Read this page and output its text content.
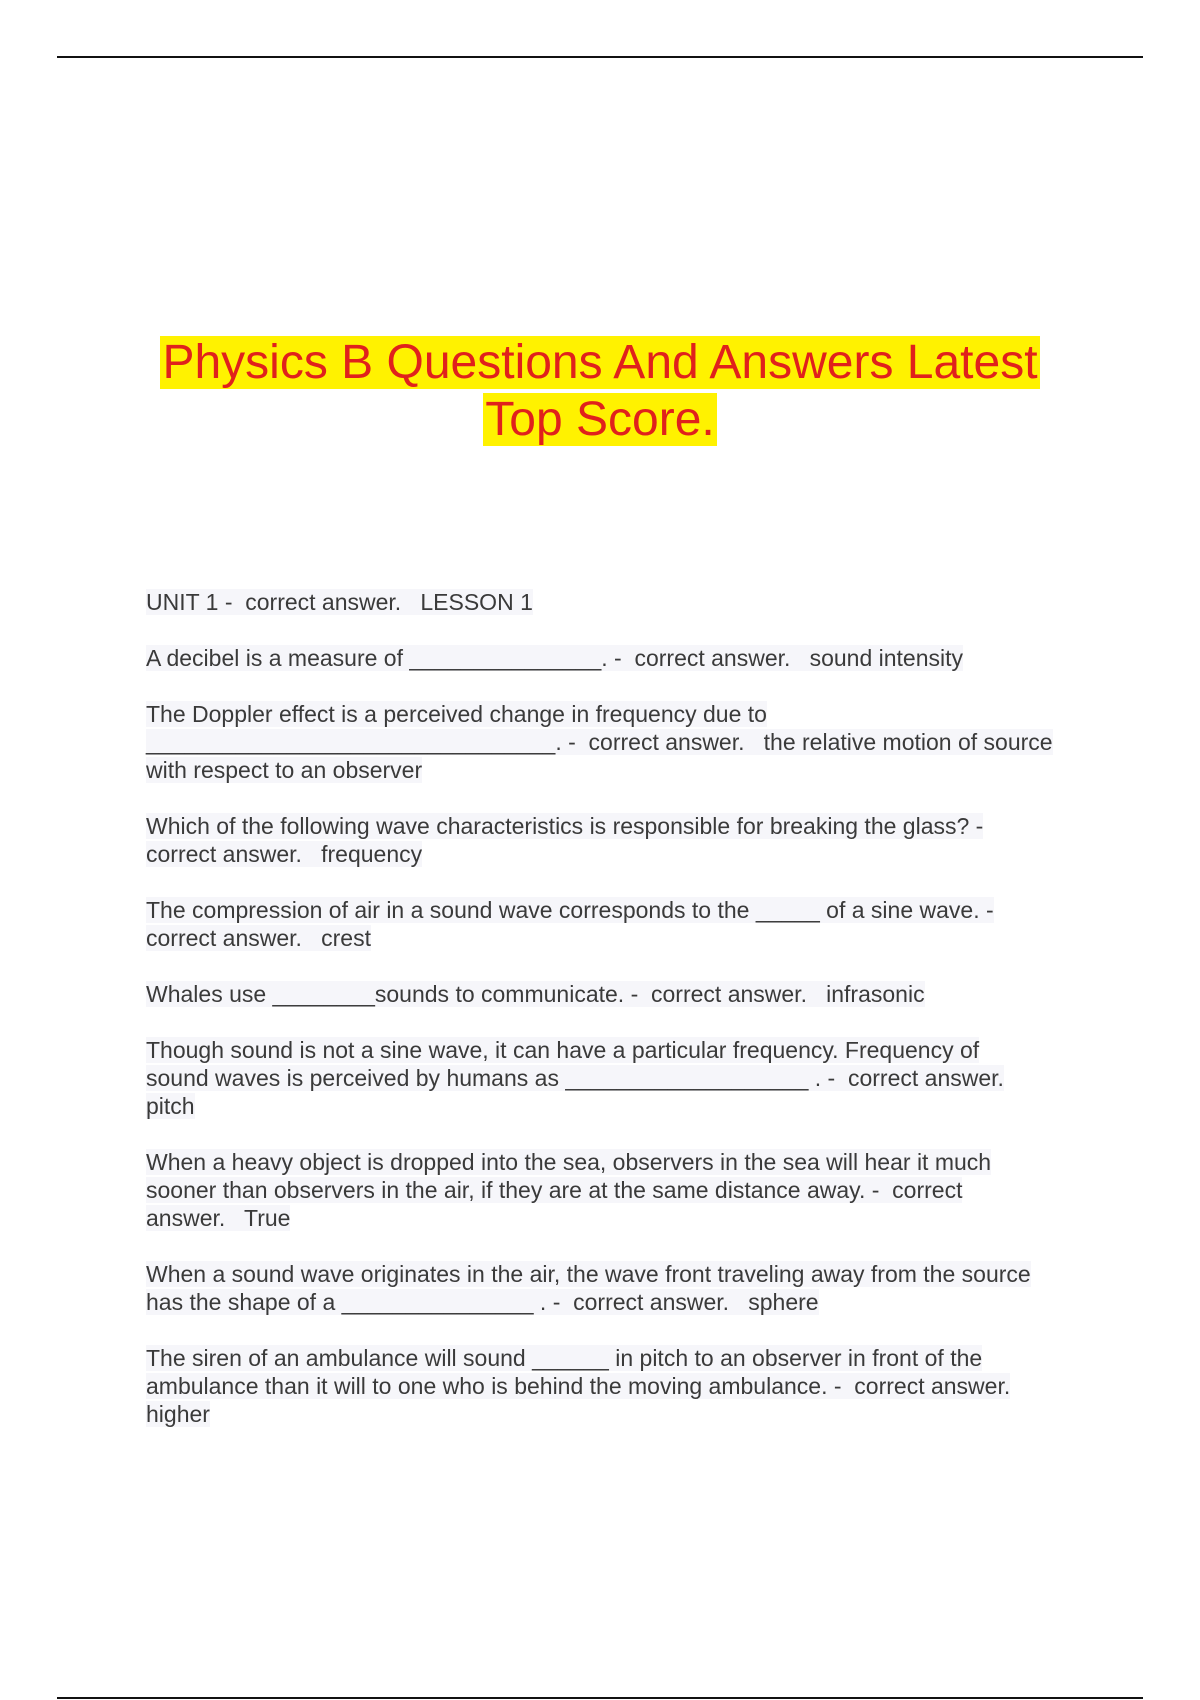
Physics B Questions And Answers Latest
Top Score.
UNIT 1 -  correct answer.   LESSON 1
A decibel is a measure of _______________. -  correct answer.   sound intensity
The Doppler effect is a perceived change in frequency due to
________________________________. -  correct answer.   the relative motion of source
with respect to an observer
Which of the following wave characteristics is responsible for breaking the glass? -
correct answer.   frequency
The compression of air in a sound wave corresponds to the _____ of a sine wave. -
correct answer.   crest
Whales use ________sounds to communicate. -  correct answer.   infrasonic
Though sound is not a sine wave, it can have a particular frequency. Frequency of
sound waves is perceived by humans as ___________________ . -  correct answer.
pitch
When a heavy object is dropped into the sea, observers in the sea will hear it much
sooner than observers in the air, if they are at the same distance away. -  correct
answer.   True
When a sound wave originates in the air, the wave front traveling away from the source
has the shape of a _______________ . -  correct answer.   sphere
The siren of an ambulance will sound ______ in pitch to an observer in front of the
ambulance than it will to one who is behind the moving ambulance. -  correct answer.
higher
